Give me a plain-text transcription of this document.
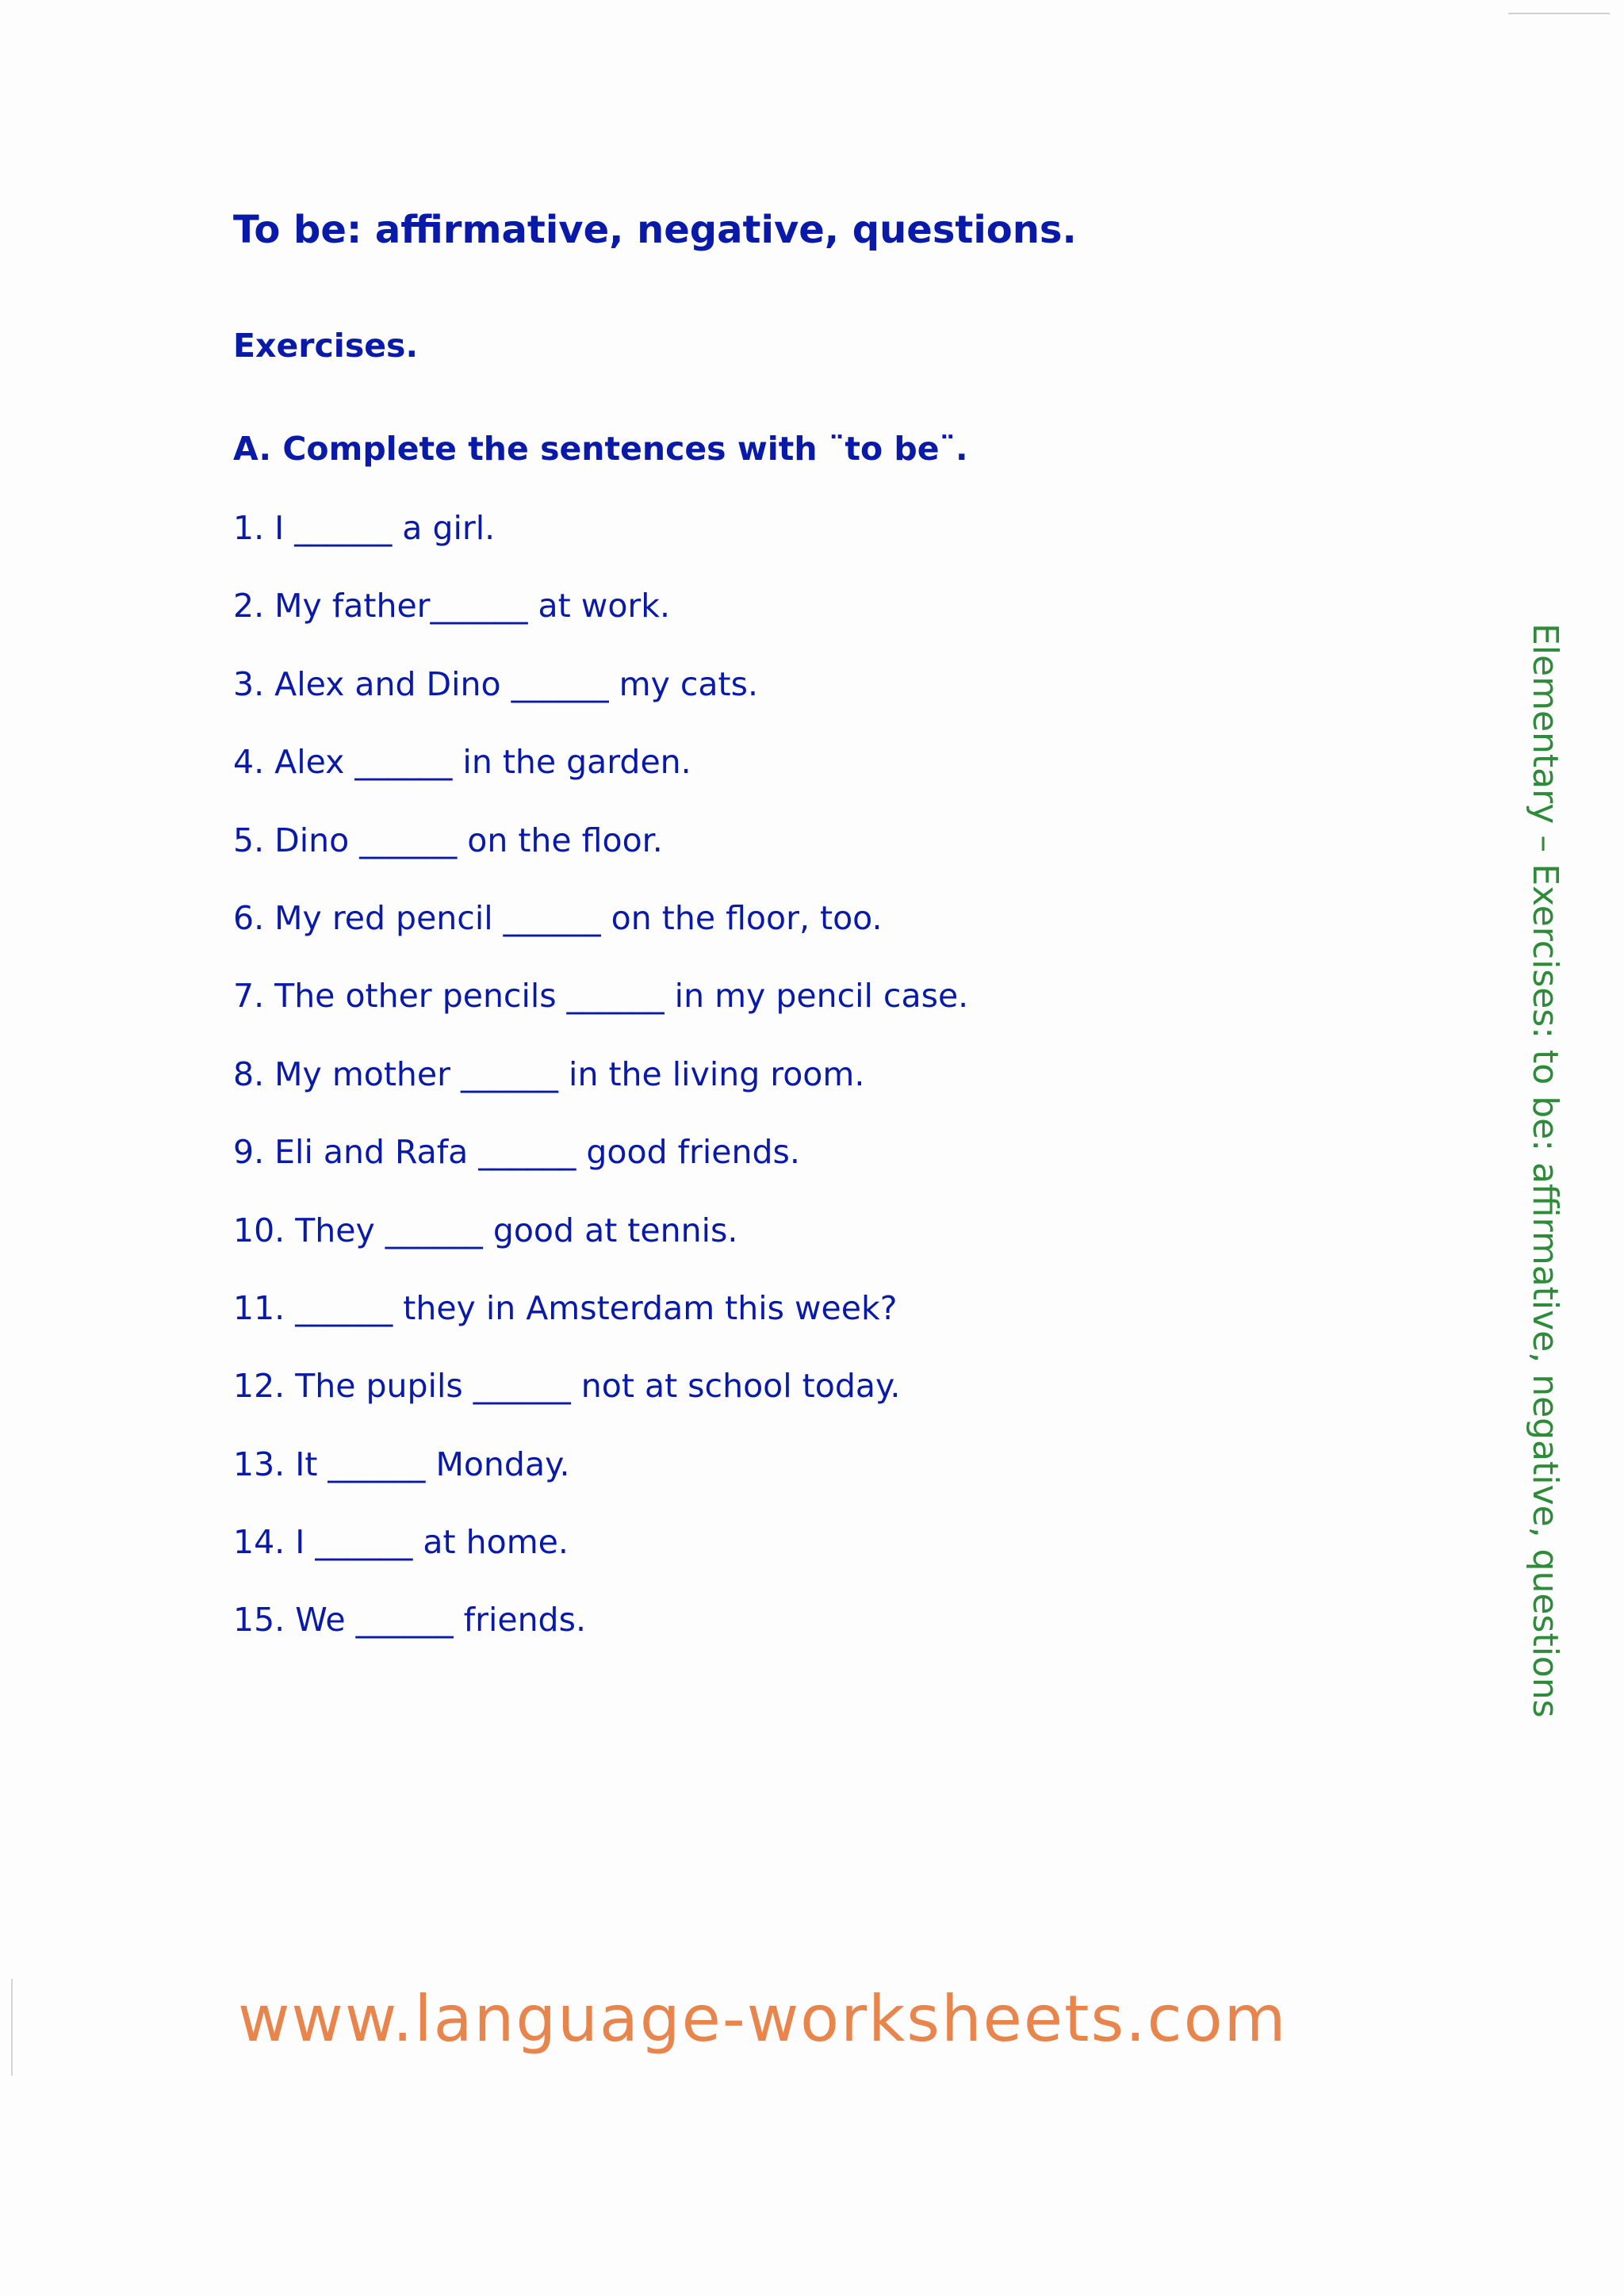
To be: affirmative, negative, questions.
Exercises.
A. Complete the sentences with ¨to be¨.
1. I ______ a girl.
2. My father______ at work.
3. Alex and Dino ______ my cats.
4. Alex ______ in the garden.
5. Dino ______ on the floor.
6. My red pencil ______ on the floor, too.
7. The other pencils ______ in my pencil case.
8. My mother ______ in the living room.
9. Eli and Rafa ______ good friends.
10. They ______ good at tennis.
11. ______ they in Amsterdam this week?
12. The pupils ______ not at school today.
13. It ______ Monday.
14. I ______ at home.
15. We ______ friends.	Elementary – Exercises: to be: affirmative, negative, questions
www.language-worksheets.com
